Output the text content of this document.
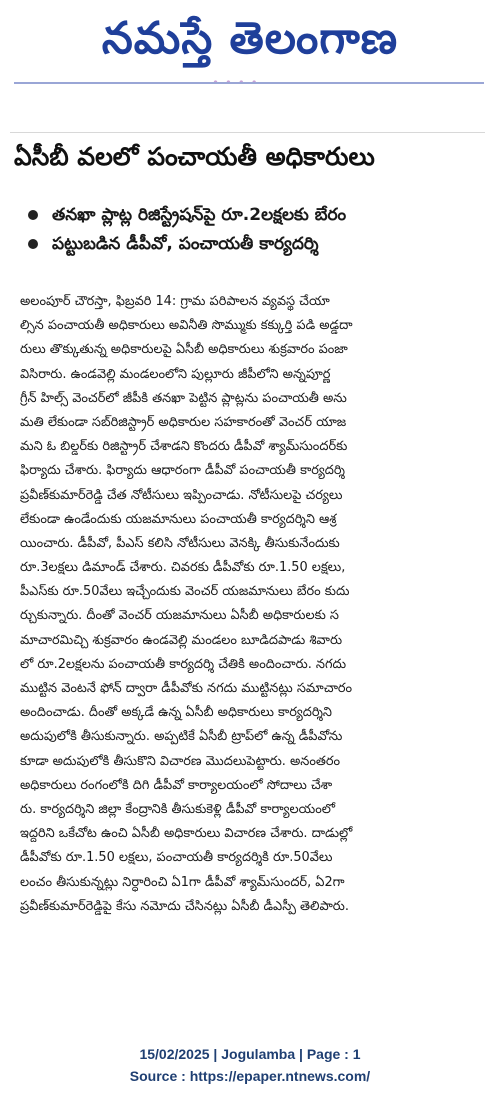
నమస్తే తెలంగాణ
ఏసీబీ వలలో పంచాయతీ అధికారులు
తనఖా ప్లాట్ల రిజిస్ట్రేషన్‌పై రూ.2లక్షలకు బేరం
పట్టుబడిన డీపీవో, పంచాయతీ కార్యదర్శి
అలంపూర్ చౌరస్తా, ఫిబ్రవరి 14: గ్రామ పరిపాలన వ్యవస్థ చేయా
ల్సిన పంచాయతీ అధికారులు అవినీతి సొమ్ముకు కక్కుర్తి పడి అడ్డదా
రులు తొక్కుతున్న అధికారులపై ఏసీబీ అధికారులు శుక్రవారం పంజా
విసిరారు. ఉండవెల్లి మండలంలోని పుల్లూరు జీపీలోని అన్నపూర్ణ
గ్రీన్ హిల్స్ వెంచర్‌లో జీపీకి తనఖా పెట్టిన ప్లాట్లను పంచాయతీ అను
మతి లేకుండా సబ్‌రిజిస్ట్రార్ అధికారుల సహకారంతో వెంచర్ యాజ
మని ఓ బిల్డర్‌కు రిజిస్ట్రార్ చేశాడని కొందరు డీపీవో శ్యామ్‌సుందర్‌కు
ఫిర్యాదు చేశారు. ఫిర్యాదు ఆధారంగా డీపీవో పంచాయతీ కార్యదర్శి
ప్రవీణ్‌కుమార్‌రెడ్డి చేత నోటీసులు ఇప్పించాడు. నోటీసులపై చర్యలు
లేకుండా ఉండేందుకు యజమానులు పంచాయతీ కార్యదర్శిని ఆశ్ర
యించారు. డీపీవో, పీఎస్ కలిసి నోటీసులు వెనక్కి తీసుకునేందుకు
రూ.3లక్షలు డిమాండ్ చేశారు. చివరకు డీపీవోకు రూ.1.50 లక్షలు,
పీఎస్‌కు రూ.50వేలు ఇచ్చేందుకు వెంచర్ యజమానులు బేరం కుదు
ర్చుకున్నారు. దీంతో వెంచర్ యజమానులు ఏసీబీ అధికారులకు స
మాచారమిచ్చి శుక్రవారం ఉండవెల్లి మండలం బూడిదపాడు శివారు
లో రూ.2లక్షలను పంచాయతీ కార్యదర్శి చేతికి అందించారు. నగదు
ముట్టిన వెంటనే ఫోన్ ద్వారా డీపీవోకు నగదు ముట్టినట్లు సమాచారం
అందించాడు. దీంతో అక్కడే ఉన్న ఏసీబీ అధికారులు కార్యదర్శిని
అదుపులోకి తీసుకున్నారు. అప్పటికే ఏసీబీ ట్రాప్‌లో ఉన్న డీపీవోను
కూడా అదుపులోకి తీసుకొని విచారణ మొదలుపెట్టారు. అనంతరం
అధికారులు రంగంలోకి దిగి డీపీవో కార్యాలయంలో సోదాలు చేశా
రు. కార్యదర్శిని జిల్లా కేంద్రానికి తీసుకుకెళ్లి డీపీవో కార్యాలయంలో
ఇద్దరిని ఒకేచోట ఉంచి ఏసీబీ అధికారులు విచారణ చేశారు. దాడుల్లో
డీపీవోకు రూ.1.50 లక్షలు, పంచాయతీ కార్యదర్శికి రూ.50వేలు
లంచం తీసుకున్నట్లు నిర్ధారించి ఏ1గా డీపీవో శ్యామ్‌సుందర్, ఏ2గా
ప్రవీణ్‌కుమార్‌రెడ్డిపై కేసు నమోదు చేసినట్లు ఏసీబీ డీఎస్పీ తెలిపారు.
15/02/2025 | Jogulamba | Page : 1
Source : https://epaper.ntnews.com/
